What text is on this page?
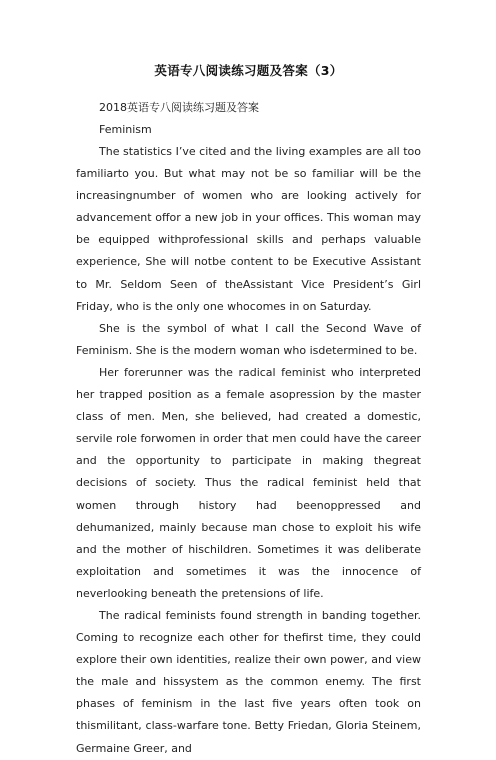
英语专八阅读练习题及答案（3）
2018英语专八阅读练习题及答案
Feminism

The statistics I’ve cited and the living examples are all too familiarto you. But what may not be so familiar will be the increasingnumber of women who are looking actively for advancement offor a new job in your offices. This woman may be equipped withprofessional skills and perhaps valuable experience, She will notbe content to be Executive Assistant to Mr. Seldom Seen of theAssistant Vice President’s Girl Friday, who is the only one whocomes in on Saturday.

She is the symbol of what I call the Second Wave of Feminism. She is the modern woman who isdetermined to be.

Her forerunner was the radical feminist who interpreted her trapped position as a female asopression by the master class of men. Men, she believed, had created a domestic, servile role forwomen in order that men could have the career and the opportunity to participate in making thegreat decisions of society. Thus the radical feminist held that women through history had beenoppressed and dehumanized, mainly because man chose to exploit his wife and the mother of hischildren. Sometimes it was deliberate exploitation and sometimes it was the innocence of neverlooking beneath the pretensions of life.

The radical feminists found strength in banding together. Coming to recognize each other for thefirst time, they could explore their own identities, realize their own power, and view the male and hissystem as the common enemy. The first phases of feminism in the last five years often took on thismilitant, class-warfare tone. Betty Friedan, Gloria Steinem, Germaine Greer, and
